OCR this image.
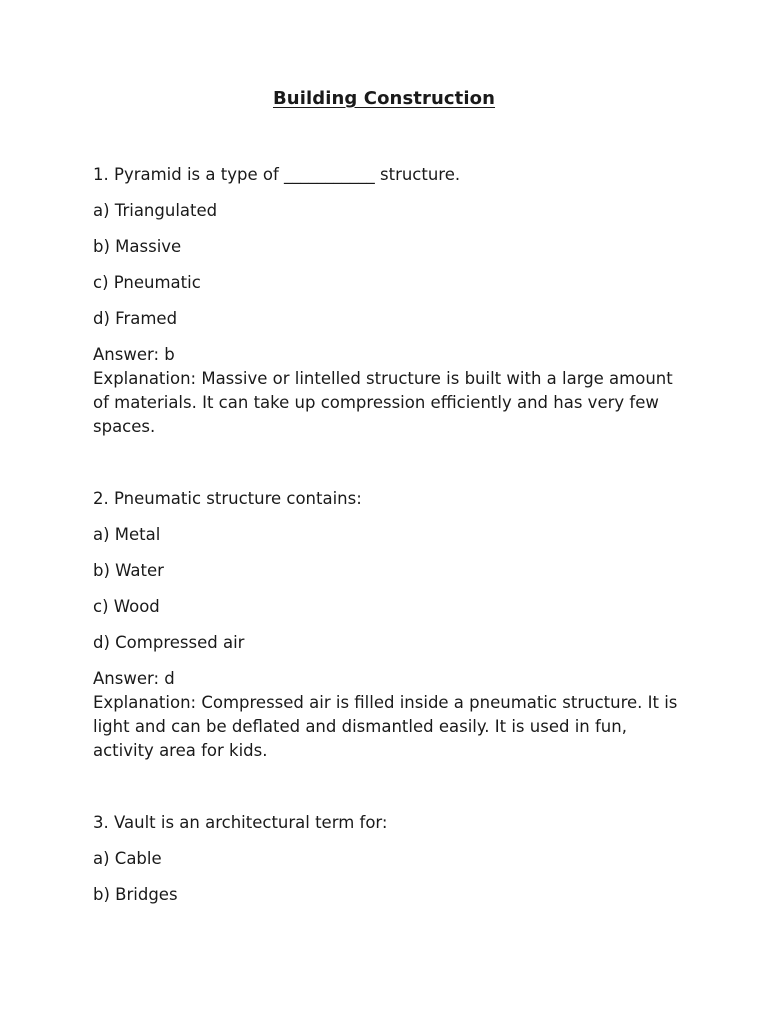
Building Construction

1. Pyramid is a type of ___________ structure.

a) Triangulated

b) Massive

c) Pneumatic

d) Framed

Answer: b

Explanation: Massive or lintelled structure is built with a large amount of materials. It can take up compression efficiently and has very few spaces.

2. Pneumatic structure contains:

a) Metal

b) Water

c) Wood

d) Compressed air

Answer: d

Explanation: Compressed air is filled inside a pneumatic structure. It is light and can be deflated and dismantled easily. It is used in fun, activity area for kids.

3. Vault is an architectural term for:

a) Cable

b) Bridges
